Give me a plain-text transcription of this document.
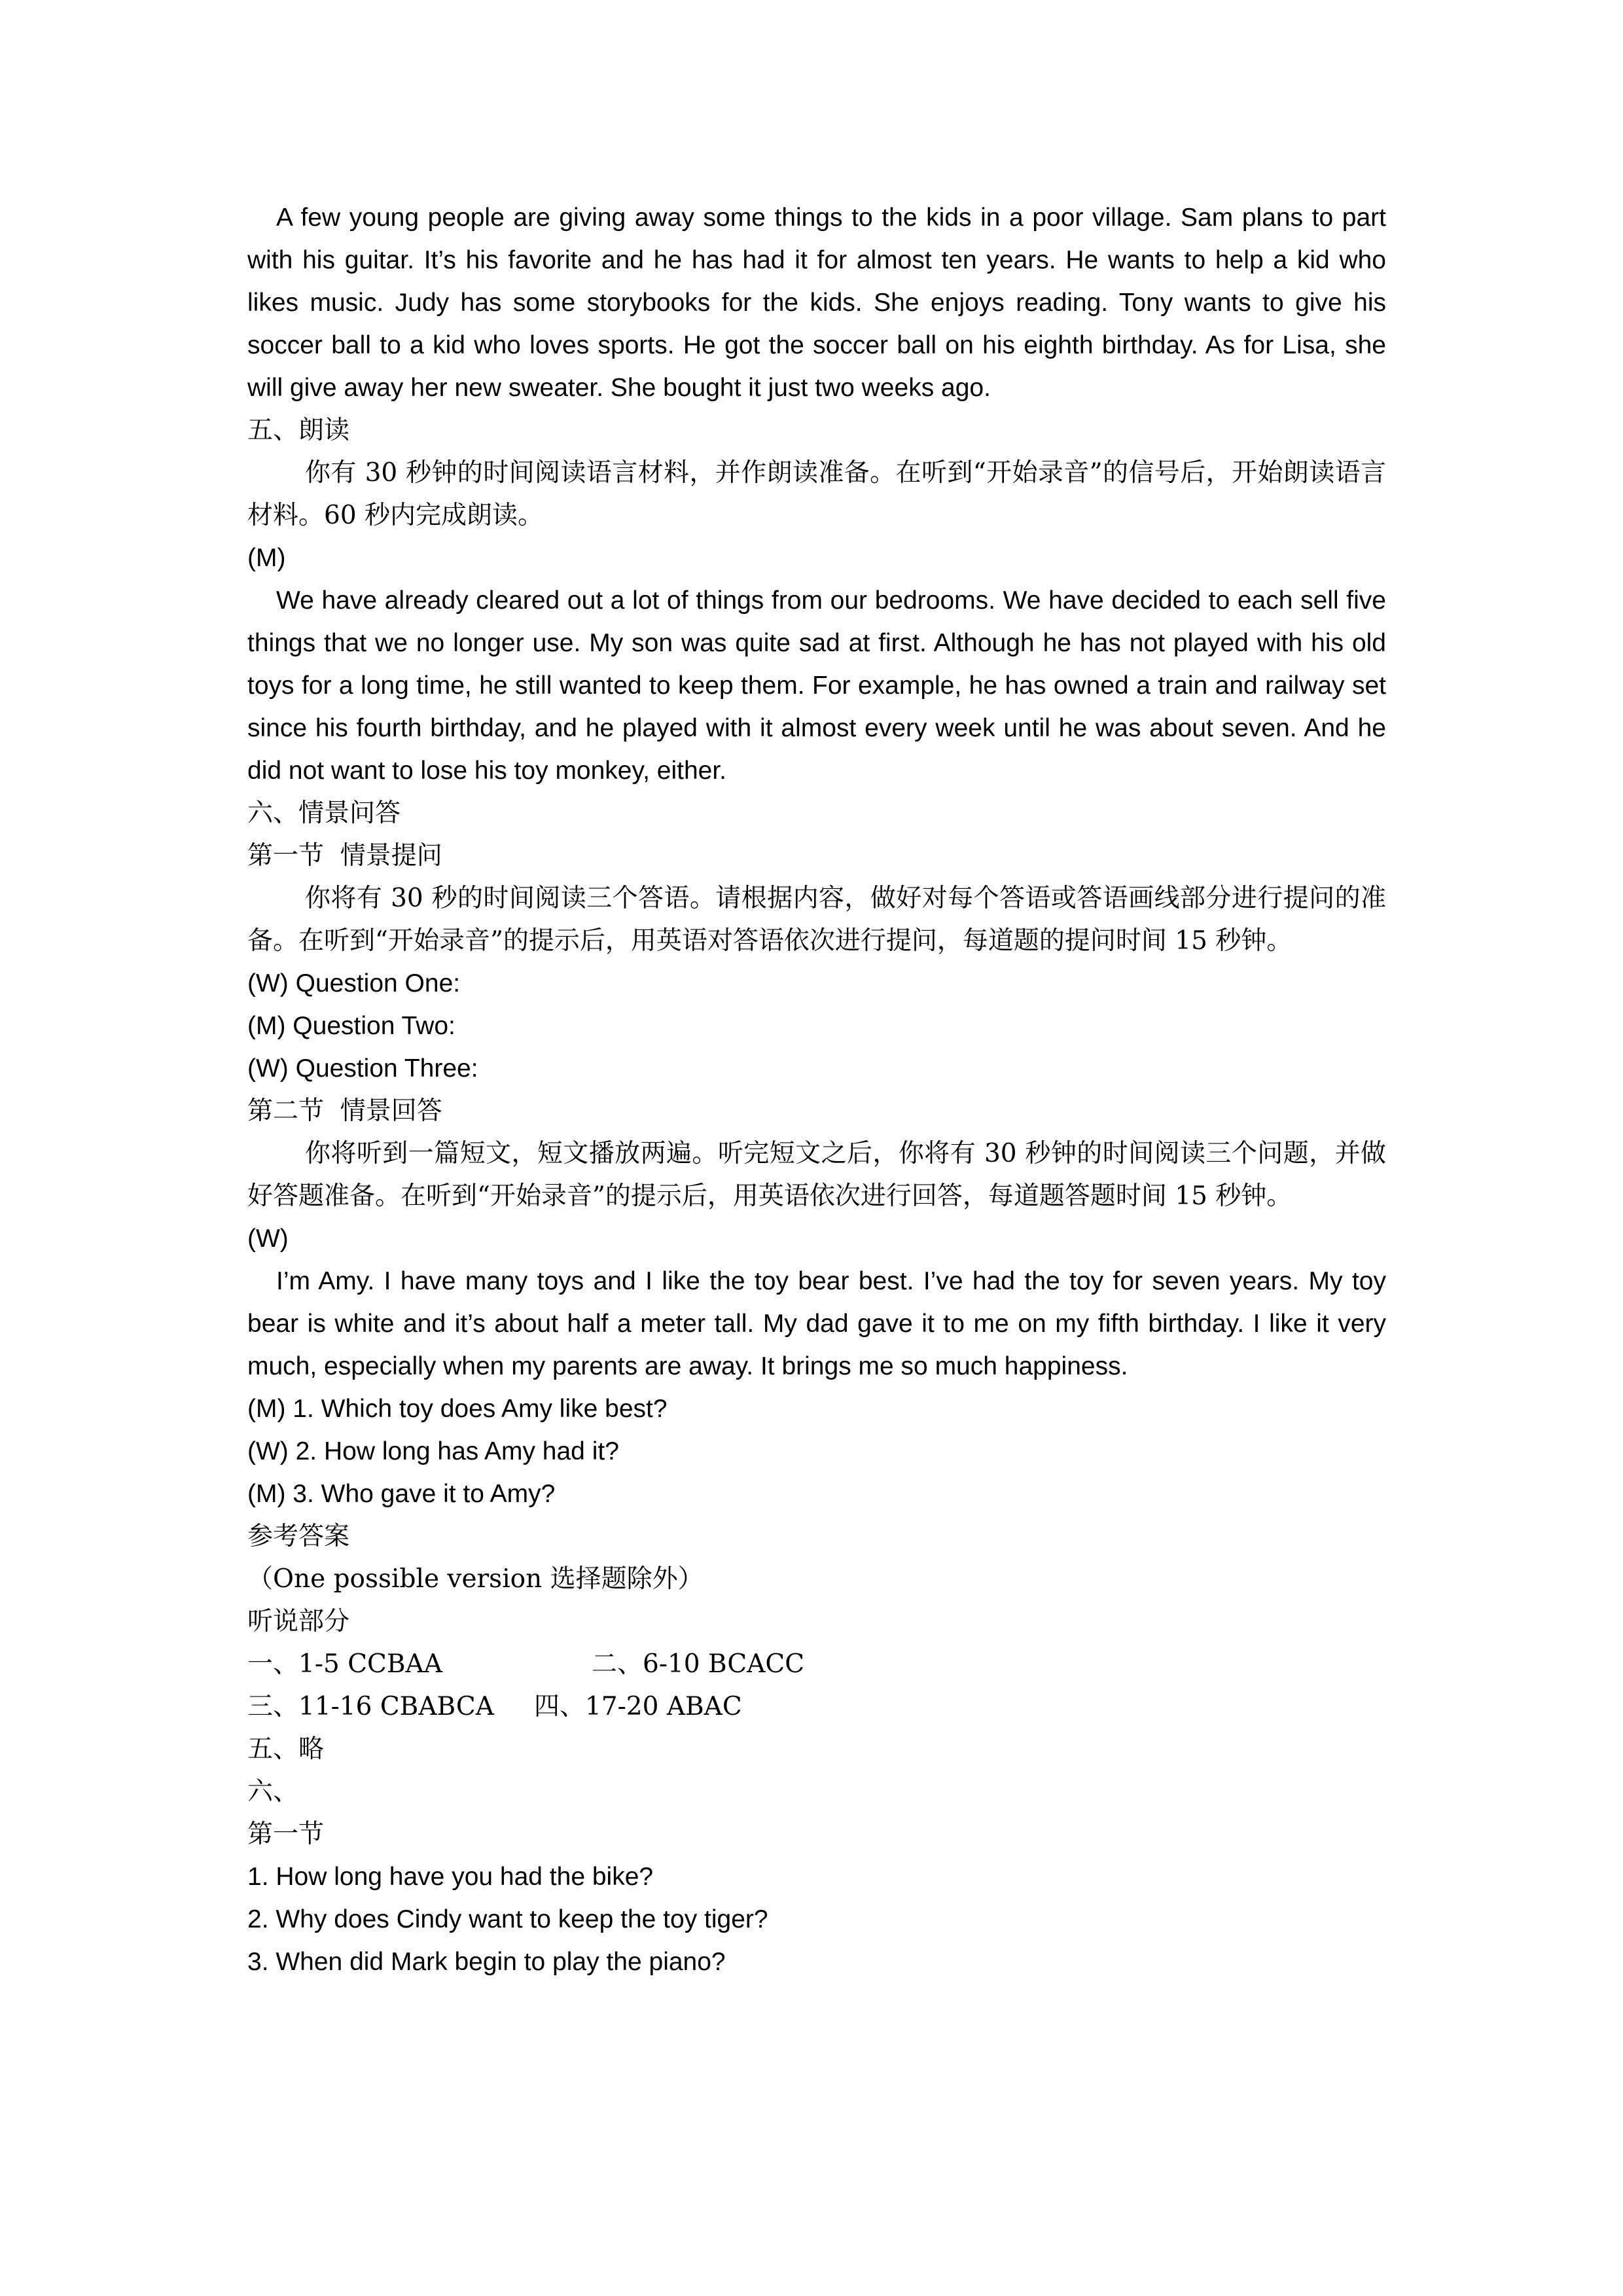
A few young people are giving away some things to the kids in a poor village. Sam plans to part with his guitar. It’s his favorite and he has had it for almost ten years. He wants to help a kid who likes music. Judy has some storybooks for the kids. She enjoys reading. Tony wants to give his soccer ball to a kid who loves sports. He got the soccer ball on his eighth birthday. As for Lisa, she will give away her new sweater. She bought it just two weeks ago.

五、朗读

你有 30 秒钟的时间阅读语言材料，并作朗读准备。在听到“开始录音”的信号后，开始朗读语言材料。60 秒内完成朗读。

(M)

We have already cleared out a lot of things from our bedrooms. We have decided to each sell five things that we no longer use. My son was quite sad at first. Although he has not played with his old toys for a long time, he still wanted to keep them. For example, he has owned a train and railway set since his fourth birthday, and he played with it almost every week until he was about seven. And he did not want to lose his toy monkey, either.

六、情景问答
第一节  情景提问

你将有 30 秒的时间阅读三个答语。请根据内容，做好对每个答语或答语画线部分进行提问的准备。在听到“开始录音”的提示后，用英语对答语依次进行提问，每道题的提问时间 15 秒钟。

(W) Question One:
(M) Question Two:
(W) Question Three:
第二节  情景回答

你将听到一篇短文，短文播放两遍。听完短文之后，你将有 30 秒钟的时间阅读三个问题，并做好答题准备。在听到“开始录音”的提示后，用英语依次进行回答，每道题答题时间 15 秒钟。

(W)

I’m Amy. I have many toys and I like the toy bear best. I’ve had the toy for seven years. My toy bear is white and it’s about half a meter tall. My dad gave it to me on my fifth birthday. I like it very much, especially when my parents are away. It brings me so much happiness.

(M) 1. Which toy does Amy like best?
(W) 2. How long has Amy had it?
(M) 3. Who gave it to Amy?
参考答案
（One possible version 选择题除外）
听说部分
一、1-5 CCBAA	二、6-10 BCACC
三、11-16 CBABCA	四、17-20 ABAC
五、略
六、
第一节
1. How long have you had the bike?
2. Why does Cindy want to keep the toy tiger?
3. When did Mark begin to play the piano?
